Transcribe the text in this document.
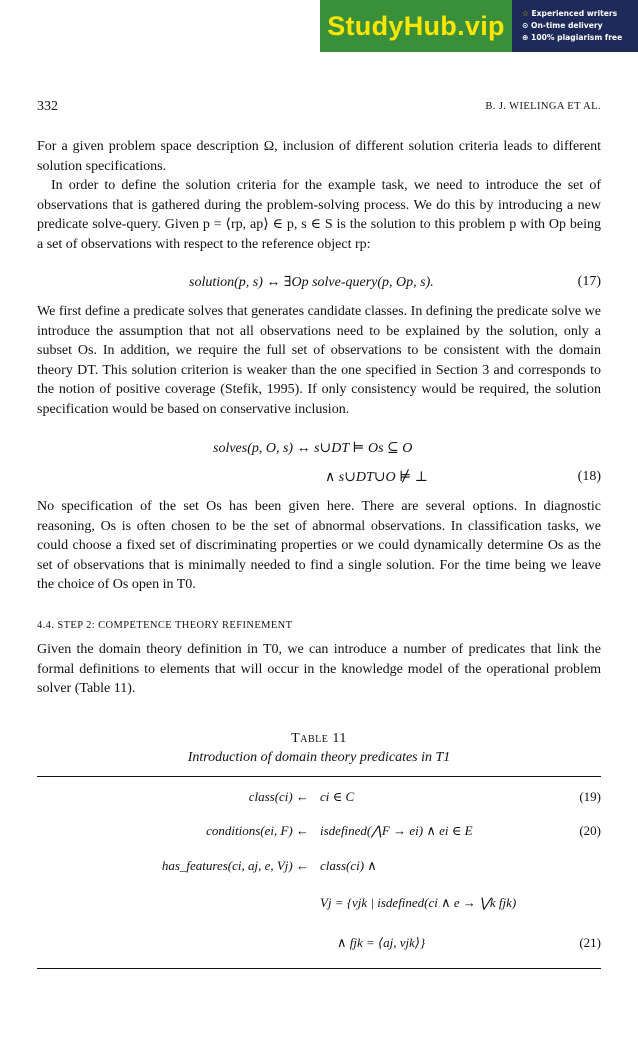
StudyHub.vip	☆ Experienced writers
⊙ On-time delivery
⊕ 100% plagiarism free
332	B. J. WIELINGA ET AL.

For a given problem space description Ω, inclusion of different solution criteria leads to different solution specifications.

In order to define the solution criteria for the example task, we need to introduce the set of observations that is gathered during the problem-solving process. We do this by introducing a new predicate solve-query. Given p = ⟨rp, ap⟩ ∈ p, s ∈ S is the solution to this problem p with Op being a set of observations with respect to the reference object rp:

solution(p, s) ↔ ∃Op solve-query(p, Op, s).	(17)

We first define a predicate solves that generates candidate classes. In defining the predicate solve we introduce the assumption that not all observations need to be explained by the solution, only a subset Os. In addition, we require the full set of observations to be consistent with the domain theory DT. This solution criterion is weaker than the one specified in Section 3 and corresponds to the notion of positive coverage (Stefik, 1995). If only consistency would be required, the solution specification would be based on conservative inclusion.

solves(p, O, s) ↔ s∪DT ⊨ Os ⊆ O
∧ s∪DT∪O ⊭ ⊥	(18)

No specification of the set Os has been given here. There are several options. In diagnostic reasoning, Os is often chosen to be the set of abnormal observations. In classification tasks, we could choose a fixed set of discriminating properties or we could dynamically determine Os as the set of observations that is minimally needed to find a single solution. For the time being we leave the choice of Os open in T0.

4.4. STEP 2: COMPETENCE THEORY REFINEMENT

Given the domain theory definition in T0, we can introduce a number of predicates that link the formal definitions to elements that will occur in the knowledge model of the operational problem solver (Table 11).

Table 11
Introduction of domain theory predicates in T1
class(ci) ← ci ∈ C	(19)
conditions(ei, F) ← isdefined(⋀F → ei) ∧ ei ∈ E	(20)
has_features(ci, aj, e, Vj) ← class(ci) ∧
Vj = {vjk | isdefined(ci ∧ e → ⋁k fjk)
∧ fjk = ⟨aj, vjk⟩}	(21)
